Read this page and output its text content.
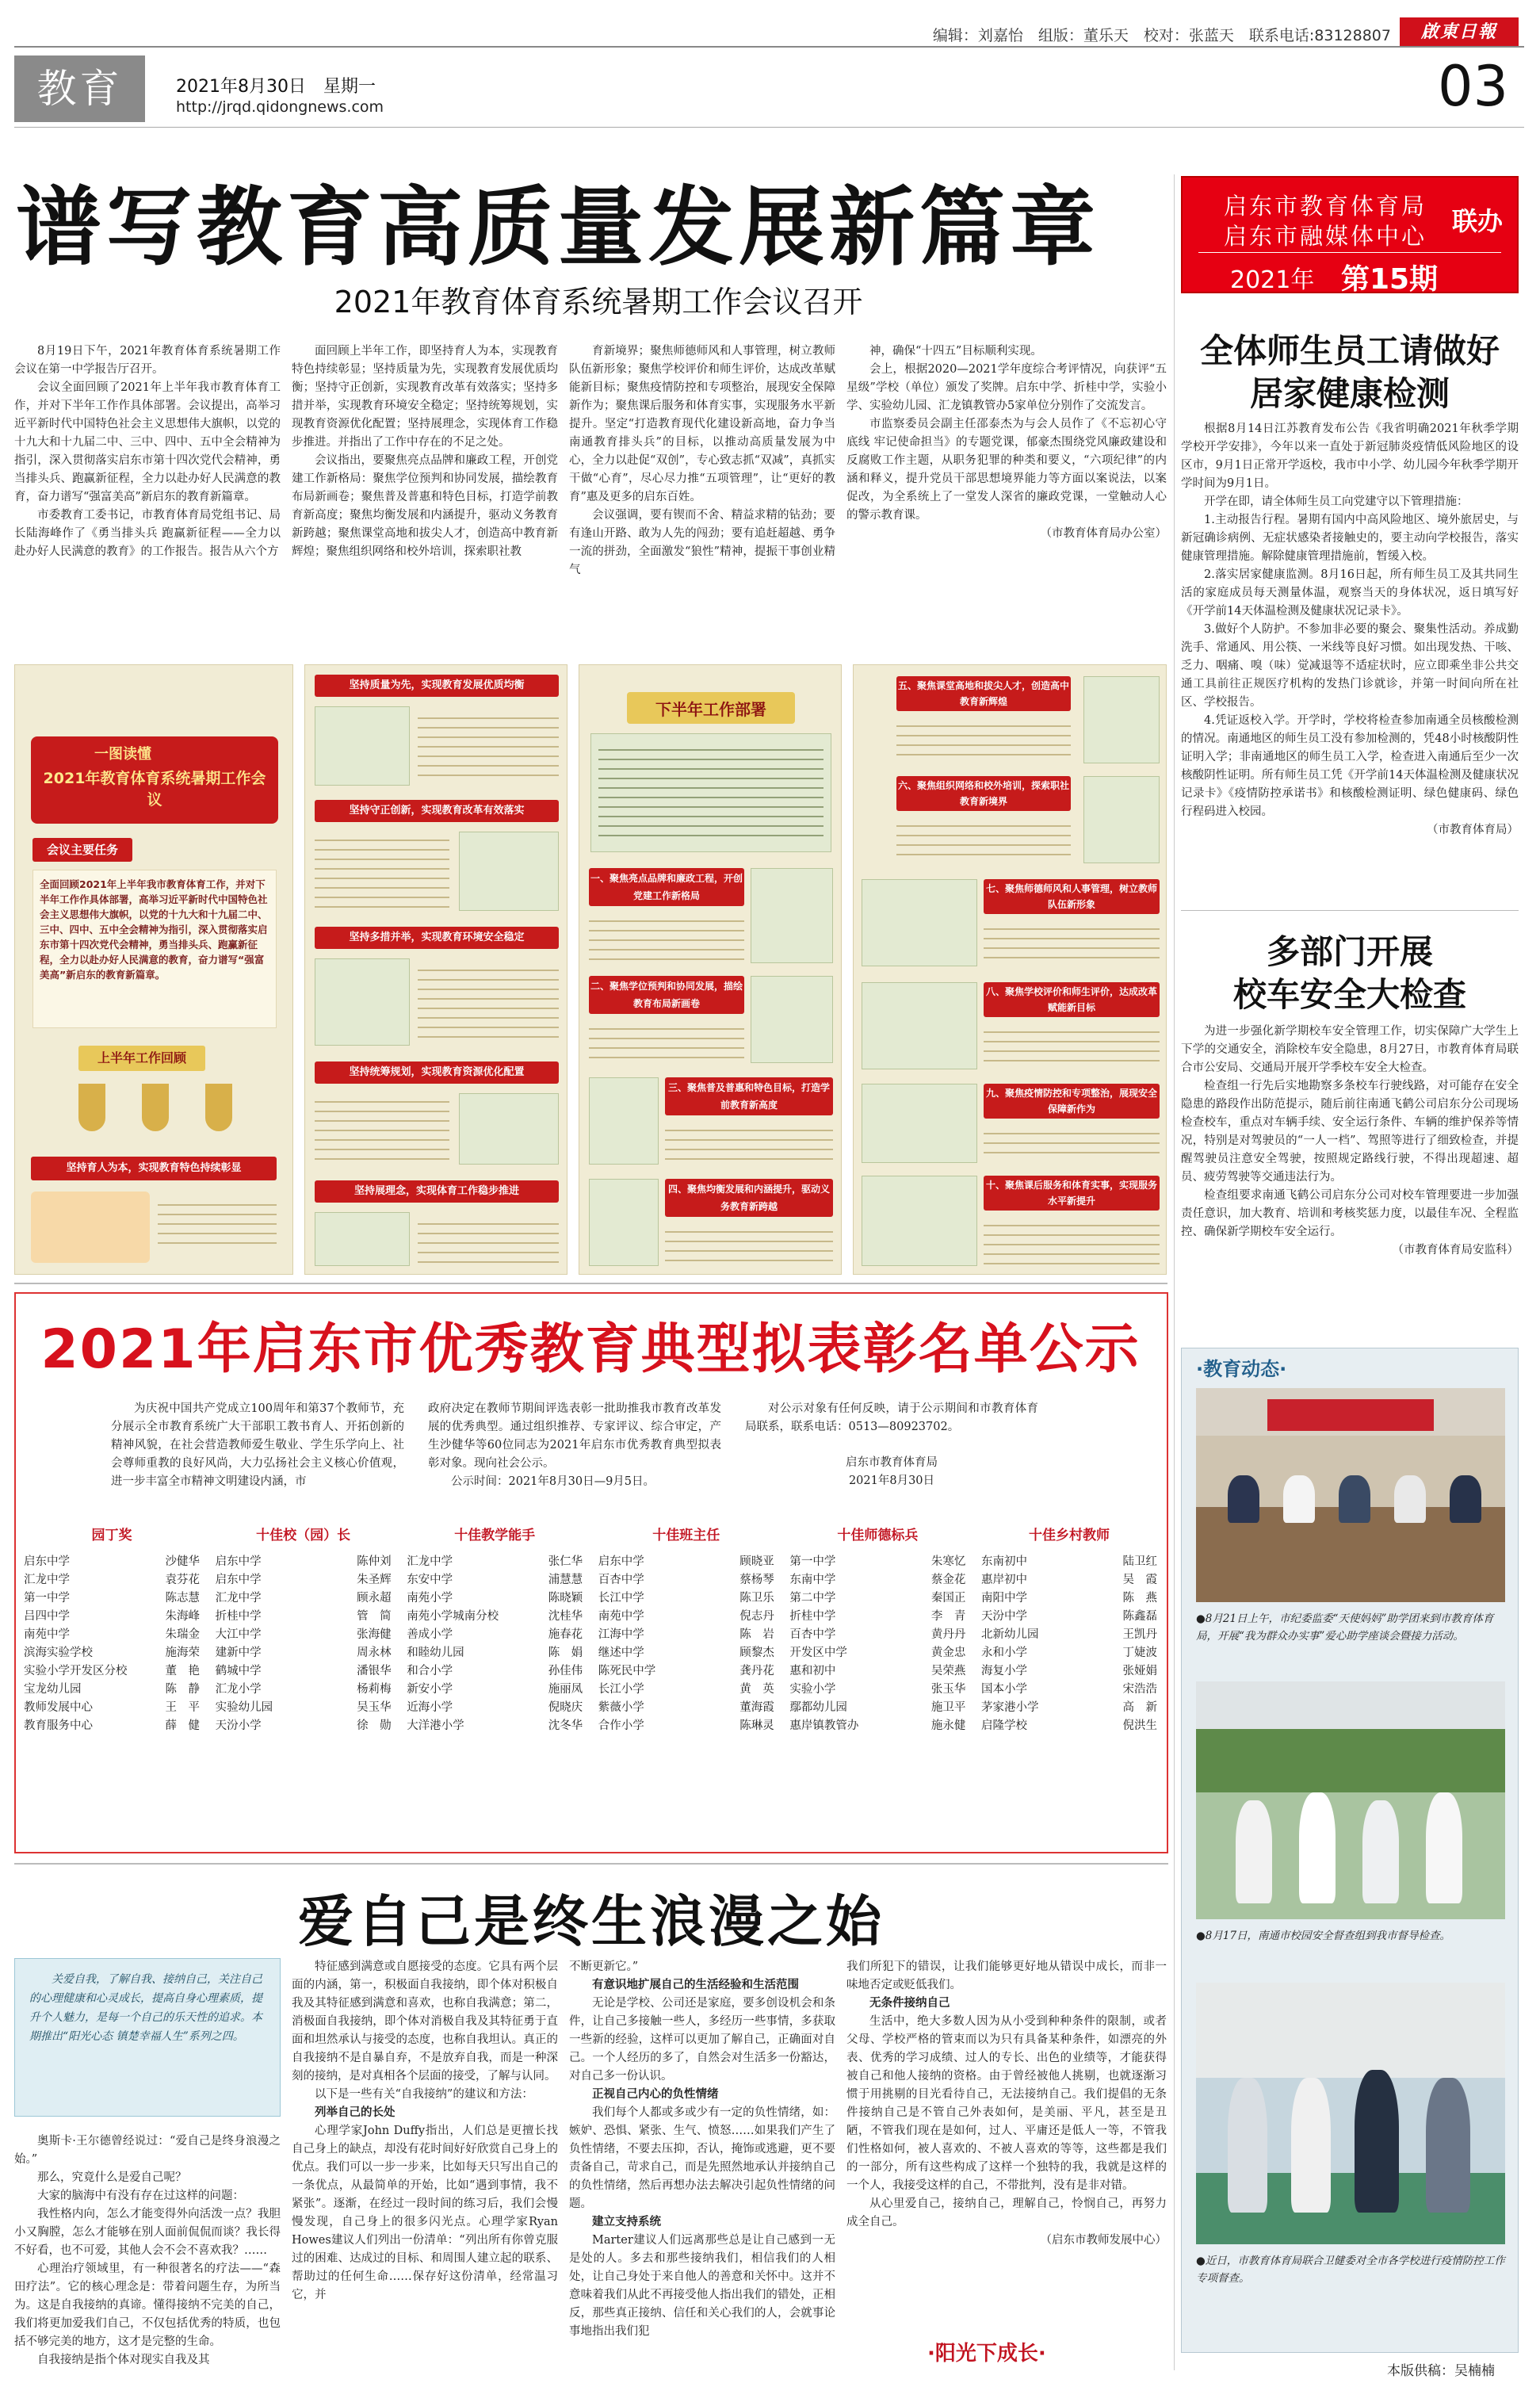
编辑：刘嘉怡　组版：董乐天　校对：张蓝天　联系电话:83128807	啟東日報
教育	2021年8月30日　星期一
http://jrqd.qidongnews.com	03
谱写教育高质量发展新篇章
2021年教育体育系统暑期工作会议召开
启东市教育体育局
启东市融媒体中心 联办
2021年 第15期

8月19日下午，2021年教育体育系统暑期工作会议在第一中学报告厅召开。

会议全面回顾了2021年上半年我市教育体育工作，并对下半年工作作具体部署。会议提出，高举习近平新时代中国特色社会主义思想伟大旗帜，以党的十九大和十九届二中、三中、四中、五中全会精神为指引，深入贯彻落实启东市第十四次党代会精神，勇当排头兵、跑赢新征程，全力以赴办好人民满意的教育，奋力谱写“强富美高”新启东的教育新篇章。

市委教育工委书记，市教育体育局党组书记、局长陆海峰作了《勇当排头兵 跑赢新征程——全力以赴办好人民满意的教育》的工作报告。报告从六个方

面回顾上半年工作，即坚持育人为本，实现教育特色持续彰显；坚持质量为先，实现教育发展优质均衡；坚持守正创新，实现教育改革有效落实；坚持多措并举，实现教育环境安全稳定；坚持统筹规划，实现教育资源优化配置；坚持展理念，实现体育工作稳步推进。并指出了工作中存在的不足之处。

会议指出，要聚焦亮点品牌和廉政工程，开创党建工作新格局：聚焦学位预判和协同发展，描绘教育布局新画卷；聚焦普及普惠和特色目标，打造学前教育新高度；聚焦均衡发展和内涵提升，驱动义务教育新跨越；聚焦课堂高地和拔尖人才，创造高中教育新辉煌；聚焦组织网络和校外培训，探索职社教

育新境界；聚焦师德师风和人事管理，树立教师队伍新形象；聚焦学校评价和师生评价，达成改革赋能新目标；聚焦疫情防控和专项整治，展现安全保障新作为；聚焦课后服务和体育实事，实现服务水平新提升。坚定“打造教育现代化建设新高地，奋力争当南通教育排头兵”的目标，以推动高质量发展为中心，全力以赴促“双创”，专心致志抓“双减”，真抓实干做“心育”，尽心尽力推“五项管理”，让“更好的教育”惠及更多的启东百姓。

会议强调，要有锲而不舍、精益求精的钻劲；要有逢山开路、敢为人先的闯劲；要有追赶超越、勇争一流的拼劲，全面激发“狼性”精神，提振干事创业精气

神，确保“十四五”目标顺利实现。

会上，根据2020—2021学年度综合考评情况，向获评“五星级”学校（单位）颁发了奖牌。启东中学、折桂中学，实验小学、实验幼儿园、汇龙镇教管办5家单位分别作了交流发言。

市监察委员会副主任邵泰杰为与会人员作了《不忘初心守底线 牢记使命担当》的专题党课，郁豪杰围绕党风廉政建设和反腐败工作主题，从职务犯罪的种类和要义，“六项纪律”的内涵和释义，提升党员干部思想境界能力等方面以案说法，以案促改，为全系统上了一堂发人深省的廉政党课，一堂触动人心的警示教育课。

（市教育体育局办公室）

一图读懂
2021年教育体育系统暑期工作会议
会议主要任务
全面回顾2021年上半年我市教育体育工作，并对下半年工作作具体部署，高举习近平新时代中国特色社会主义思想伟大旗帜，以党的十九大和十九届二中、三中、四中、五中全会精神为指引，深入贯彻落实启东市第十四次党代会精神，勇当排头兵、跑赢新征程，全力以赴办好人民满意的教育，奋力谱写“强富美高”新启东的教育新篇章。
上半年工作回顾
坚持育人为本，实现教育特色持续彰显
坚持质量为先，实现教育发展优质均衡
坚持守正创新，实现教育改革有效落实
坚持多措并举，实现教育环境安全稳定
坚持统筹规划，实现教育资源优化配置
坚持展理念，实现体育工作稳步推进
下半年工作部署
一、聚焦亮点品牌和廉政工程，开创党建工作新格局
二、聚焦学位预判和协同发展，描绘教育布局新画卷
三、聚焦普及普惠和特色目标，打造学前教育新高度
四、聚焦均衡发展和内涵提升，驱动义务教育新跨越
五、聚焦课堂高地和拔尖人才，创造高中教育新辉煌
六、聚焦组织网络和校外培训，探索职社教育新境界
七、聚焦师德师风和人事管理，树立教师队伍新形象
八、聚焦学校评价和师生评价，达成改革赋能新目标
九、聚焦疫情防控和专项整治，展现安全保障新作为
十、聚焦课后服务和体育实事，实现服务水平新提升
2021年启东市优秀教育典型拟表彰名单公示

为庆祝中国共产党成立100周年和第37个教师节，充分展示全市教育系统广大干部职工教书育人、开拓创新的精神风貌，在社会营造教师爱生敬业、学生乐学向上、社会尊师重教的良好风尚，大力弘扬社会主义核心价值观，进一步丰富全市精神文明建设内涵，市

政府决定在教师节期间评选表彰一批助推我市教育改革发展的优秀典型。通过组织推荐、专家评议、综合审定，产生沙健华等60位同志为2021年启东市优秀教育典型拟表彰对象。现向社会公示。

公示时间：2021年8月30日—9月5日。

对公示对象有任何反映，请于公示期间和市教育体育局联系，联系电话：0513—80923702。

启东市教育体育局

2021年8月30日

园丁奖
启东中学	沙健华
汇龙中学	袁芬花
第一中学	陈志慧
吕四中学	朱海峰
南苑中学	朱瑞金
滨海实验学校	施海荣
实验小学开发区分校	董　艳
宝龙幼儿园	陈　静
教师发展中心	王　平
教育服务中心	薛　健
十佳校（园）长
启东中学	陈仲刘
启东中学	朱圣辉
汇龙中学	顾永超
折桂中学	管　简
大江中学	张海健
建新中学	周永林
鹤城中学	潘银华
汇龙小学	杨莉梅
实验幼儿园	吴玉华
天汾小学	徐　勋
十佳教学能手
汇龙中学	张仁华
东安中学	浦慧慧
南苑小学	陈晓颖
南苑小学城南分校	沈桂华
善成小学	施春花
和睦幼儿园	陈　娟
和合小学	孙佳伟
新安小学	施丽凤
近海小学	倪晓庆
大洋港小学	沈冬华
十佳班主任
启东中学	顾晓亚
百杏中学	蔡杨琴
长江中学	陈卫乐
南苑中学	倪志丹
江海中学	陈　岩
继述中学	顾黎杰
陈死民中学	龚丹花
长江小学	黄　英
紫薇小学	董海霞
合作小学	陈琳灵
十佳师德标兵
第一中学	朱寒忆
东南中学	蔡金花
第二中学	秦国正
折桂中学	李　青
百杏中学	黄丹丹
开发区中学	黄金忠
惠和初中	吴荣燕
实验小学	张玉华
鄢都幼儿园	施卫平
惠岸镇教管办	施永健
十佳乡村教师
东南初中	陆卫红
惠岸初中	吴　霞
南阳中学	陈　燕
天汾中学	陈鑫磊
北新幼儿园	王凯丹
永和小学	丁婕波
海复小学	张娅娟
国本小学	宋浩浩
茅家港小学	高　新
启隆学校	倪洪生
爱自己是终生浪漫之始
关爱自我，了解自我、接纳自己，关注自己的心理健康和心灵成长，提高自身心理素质，提升个人魅力，是每一个自己的乐天性的追求。本期推出“阳光心态 镇楚幸福人生”系列之四。

奥斯卡·王尔德曾经说过：“爱自己是终身浪漫之始。”

那么，究竟什么是爱自己呢？

大家的脑海中有没有存在过这样的问题：

我性格内向，怎么才能变得外向活泼一点？我胆小又胸膛，怎么才能够在别人面前侃侃而谈？我长得不好看，也不可爱，其他人会不会不喜欢我？……

心理治疗领域里，有一种很著名的疗法——“森田疗法”。它的核心理念是：带着问题生存，为所当为。这是自我接纳的真谛。懂得接纳不完美的自己，我们将更加爱我们自己，不仅包括优秀的特质，也包括不够完美的地方，这才是完整的生命。

自我接纳是指个体对现实自我及其

特征感到满意或自愿接受的态度。它具有两个层面的内涵，第一，积极面自我接纳，即个体对积极自我及其特征感到满意和喜欢，也称自我满意；第二，消极面自我接纳，即个体对消极自我及其特征勇于直面和坦然承认与接受的态度，也称自我坦认。真正的自我接纳不是自暴自弃，不是放弃自我，而是一种深刻的接纳，是对真相各个层面的接受，了解与认同。

以下是一些有关“自我接纳”的建议和方法：

列举自己的长处

心理学家John Duffy指出，人们总是更擅长找自己身上的缺点，却没有花时间好好欣赏自己身上的优点。我们可以一步一步来，比如每天只写出自己的一条优点，从最简单的开始，比如“遇到事情，我不紧张”。逐渐，在经过一段时间的练习后，我们会慢慢发现，自己身上的很多闪光点。心理学家Ryan Howes建议人们列出一份清单：“列出所有你曾克服过的困难、达成过的目标、和周围人建立起的联系、帮助过的任何生命……保存好这份清单，经常温习它，并

不断更新它。”

有意识地扩展自己的生活经验和生活范围

无论是学校、公司还是家庭，要多创设机会和条件，让自己多接触一些人，多经历一些事情，多获取一些新的经验，这样可以更加了解自己，正确面对自己。一个人经历的多了，自然会对生活多一份豁达，对自己多一份认识。

正视自己内心的负性情绪

我们每个人都或多或少有一定的负性情绪，如：嫉妒、恐惧、紧张、生气、愤怒……如果我们产生了负性情绪，不要去压抑，否认，掩饰或逃避，更不要责备自己，苛求自己，而是先照然地承认并接纳自己的负性情绪，然后再想办法去解决引起负性情绪的问题。

建立支持系统

Marter建议人们远离那些总是让自己感到一无是处的人。多去和那些接纳我们，相信我们的人相处，让自己身处于来自他人的善意和关怀中。这并不意味着我们从此不再接受他人指出我们的错处，正相反，那些真正接纳、信任和关心我们的人，会就事论事地指出我们犯

我们所犯下的错误，让我们能够更好地从错误中成长，而非一味地否定或贬低我们。

无条件接纳自己

生活中，绝大多数人因为从小受到种种条件的限制，或者父母、学校严格的管束而以为只有具备某种条件，如漂亮的外表、优秀的学习成绩、过人的专长、出色的业绩等，才能获得被自己和他人接纳的资格。由于曾经被他人挑剔，也就逐渐习惯于用挑剔的目光看待自己，无法接纳自己。我们提倡的无条件接纳自己是不管自己外表如何，是美丽、平凡，甚至是丑陋，不管我们现在是如何，过人、平庸还是低人一等，不管我们性格如何，被人喜欢的、不被人喜欢的等等，这些都是我们的一部分，所有这些构成了这样一个独特的我，我就是这样的一个人，我接受这样的自己，不带批判，没有是非对错。

从心里爱自己，接纳自己，理解自己，怜悯自己，再努力成全自己。

（启东市教师发展中心）

·阳光下成长·
全体师生员工请做好
居家健康检测

根据8月14日江苏教育发布公告《我省明确2021年秋季学期学校开学安排》，今年以来一直处于新冠肺炎疫情低风险地区的设区市，9月1日正常开学返校，我市中小学、幼儿园今年秋季学期开学时间为9月1日。

开学在即，请全体师生员工向党建守以下管理措施：

1.主动报告行程。暑期有国内中高风险地区、境外旅居史，与新冠确诊病例、无症状感染者接触史的，要主动向学校报告，落实健康管理措施。解除健康管理措施前，暂缓入校。

2.落实居家健康监测。8月16日起，所有师生员工及其共同生活的家庭成员每天测量体温，观察当天的身体状况，返日填写好《开学前14天体温检测及健康状况记录卡》。

3.做好个人防护。不参加非必要的聚会、聚集性活动。养成勤洗手、常通风、用公筷、一米线等良好习惯。如出现发热、干咳、乏力、咽痛、嗅（味）觉减退等不适症状时，应立即乘坐非公共交通工具前往正规医疗机构的发热门诊就诊，并第一时间向所在社区、学校报告。

4.凭证返校入学。开学时，学校将检查参加南通全员核酸检测的情况。南通地区的师生员工没有参加检测的，凭48小时核酸阴性证明入学；非南通地区的师生员工入学，检查进入南通后至少一次核酸阴性证明。所有师生员工凭《开学前14天体温检测及健康状况记录卡》《疫情防控承诺书》和核酸检测证明、绿色健康码、绿色行程码进入校园。

（市教育体育局）

多部门开展
校车安全大检查

为进一步强化新学期校车安全管理工作，切实保障广大学生上下学的交通安全，消除校车安全隐患，8月27日，市教育体育局联合市公安局、交通局开展开学季校车安全大检查。

检查组一行先后实地勘察多条校车行驶线路，对可能存在安全隐患的路段作出防范提示，随后前往南通飞鹤公司启东分公司现场检查校车，重点对车辆手续、安全运行条件、车辆的维护保养等情况，特别是对驾驶员的“一人一档”、驾照等进行了细致检查，并提醒驾驶员注意安全驾驶，按照规定路线行驶，不得出现超速、超员、疲劳驾驶等交通违法行为。

检查组要求南通飞鹤公司启东分公司对校车管理要进一步加强责任意识，加大教育、培训和考核奖惩力度，以最佳车况、全程监控、确保新学期校车安全运行。

（市教育体育局安监科）

·教育动态·
●8月21日上午，市纪委监委“天使妈妈”助学团来到市教育体育局，开展“我为群众办实事”爱心助学座谈会暨接力活动。
●8月17日，南通市校园安全督查组到我市督导检查。
●近日，市教育体育局联合卫健委对全市各学校进行疫情防控工作专项督查。
本版供稿：吴楠楠
